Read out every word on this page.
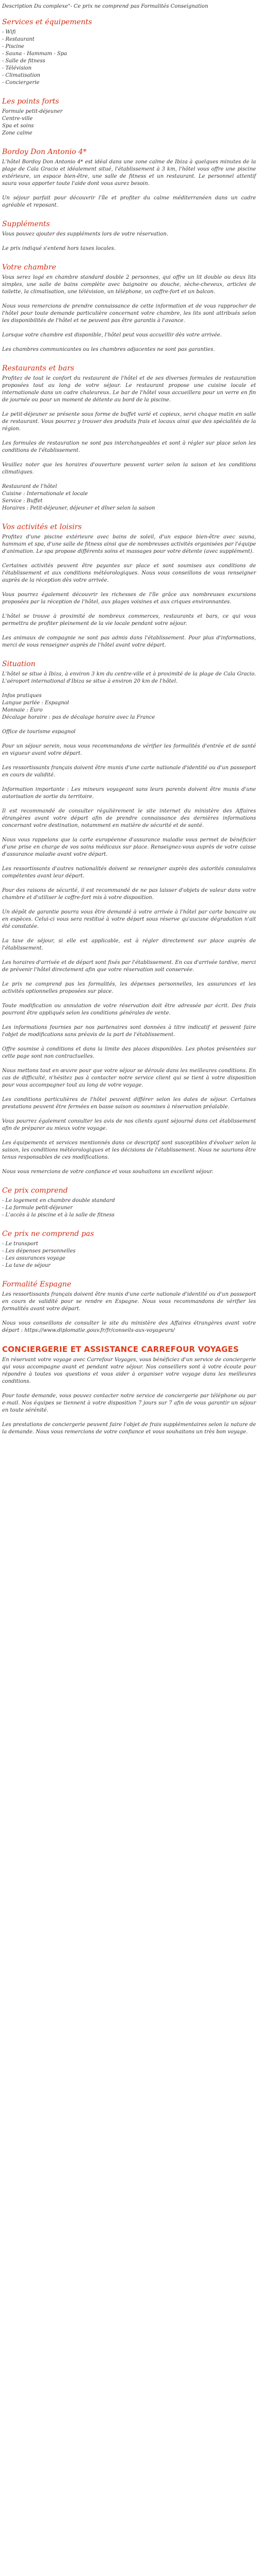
Description Du complexe"- Ce prix ne comprend pas Formalités Conseignation

Services et équipements
- Wifi
- Restaurant
- Piscine
- Sauna - Hammam - Spa
- Salle de fitness
- Télévision
- Climatisation
- Conciergerie
Les points forts
Formule petit-déjeuner
Centre-ville
Spa et soins
Zone calme
Bordoy Don Antonio 4*

L'hôtel Bordoy Don Antonio 4* est idéal dans une zone calme de Ibiza à quelques minutes de la plage de Cala Gracio et idéalement situé, l'établissement à 3 km, l'hôtel vous offre une piscine extérieure, un espace bien-être, une salle de fitness et un restaurant. Le personnel attentif saura vous apporter toute l'aide dont vous aurez besoin.

Un séjour parfait pour découvrir l'île et profiter du calme méditerranéen dans un cadre agréable et reposant.

Suppléments

Vous pouvez ajouter des suppléments lors de votre réservation.

Le prix indiqué s'entend hors taxes locales.

Votre chambre

Vous serez logé en chambre standard double 2 personnes, qui offre un lit double ou deux lits simples, une salle de bains complète avec baignoire ou douche, sèche-cheveux, articles de toilette, la climatisation, une télévision, un téléphone, un coffre-fort et un balcon.

Nous vous remercions de prendre connaissance de cette information et de vous rapprocher de l'hôtel pour toute demande particulière concernant votre chambre, les lits sont attribués selon les disponibilités de l'hôtel et ne peuvent pas être garantis à l'avance.

Lorsque votre chambre est disponible, l'hôtel peut vous accueillir dès votre arrivée.

Les chambres communicantes ou les chambres adjacentes ne sont pas garanties.

Restaurants et bars

Profitez de tout le confort du restaurant de l'hôtel et de ses diverses formules de restauration proposées tout au long de votre séjour. Le restaurant propose une cuisine locale et internationale dans un cadre chaleureux. Le bar de l'hôtel vous accueillera pour un verre en fin de journée ou pour un moment de détente au bord de la piscine.

Le petit-déjeuner se présente sous forme de buffet varié et copieux, servi chaque matin en salle de restaurant. Vous pourrez y trouver des produits frais et locaux ainsi que des spécialités de la région.

Les formules de restauration ne sont pas interchangeables et sont à régler sur place selon les conditions de l'établissement.

Veuillez noter que les horaires d'ouverture peuvent varier selon la saison et les conditions climatiques.

Restaurant de l'hôtel

Cuisine : Internationale et locale
Service : Buffet
Horaires : Petit-déjeuner, déjeuner et dîner selon la saison
Vos activités et loisirs

Profitez d'une piscine extérieure avec bains de soleil, d'un espace bien-être avec sauna, hammam et spa, d'une salle de fitness ainsi que de nombreuses activités organisées par l'équipe d'animation. Le spa propose différents soins et massages pour votre détente (avec supplément).

Certaines activités peuvent être payantes sur place et sont soumises aux conditions de l'établissement et aux conditions météorologiques. Nous vous conseillons de vous renseigner auprès de la réception dès votre arrivée.

Vous pourrez également découvrir les richesses de l'île grâce aux nombreuses excursions proposées par la réception de l'hôtel, aux plages voisines et aux criques environnantes.

L'hôtel se trouve à proximité de nombreux commerces, restaurants et bars, ce qui vous permettra de profiter pleinement de la vie locale pendant votre séjour.

Les animaux de compagnie ne sont pas admis dans l'établissement. Pour plus d'informations, merci de vous renseigner auprès de l'hôtel avant votre départ.

Situation

L'hôtel se situe à Ibiza, à environ 3 km du centre-ville et à proximité de la plage de Cala Gracio. L'aéroport international d'Ibiza se situe à environ 20 km de l'hôtel.

Infos pratiques

Langue parlée : Espagnol
Monnaie : Euro
Décalage horaire : pas de décalage horaire avec la France

Office de tourisme espagnol

Pour un séjour serein, nous vous recommandons de vérifier les formalités d'entrée et de santé en vigueur avant votre départ.

Les ressortissants français doivent être munis d'une carte nationale d'identité ou d'un passeport en cours de validité.

Information importante : Les mineurs voyageant sans leurs parents doivent être munis d'une autorisation de sortie du territoire.

Il est recommandé de consulter régulièrement le site internet du ministère des Affaires étrangères avant votre départ afin de prendre connaissance des dernières informations concernant votre destination, notamment en matière de sécurité et de santé.

Nous vous rappelons que la carte européenne d'assurance maladie vous permet de bénéficier d'une prise en charge de vos soins médicaux sur place. Renseignez-vous auprès de votre caisse d'assurance maladie avant votre départ.

Les ressortissants d'autres nationalités doivent se renseigner auprès des autorités consulaires compétentes avant leur départ.

Pour des raisons de sécurité, il est recommandé de ne pas laisser d'objets de valeur dans votre chambre et d'utiliser le coffre-fort mis à votre disposition.

Un dépôt de garantie pourra vous être demandé à votre arrivée à l'hôtel par carte bancaire ou en espèces. Celui-ci vous sera restitué à votre départ sous réserve qu'aucune dégradation n'ait été constatée.

La taxe de séjour, si elle est applicable, est à régler directement sur place auprès de l'établissement.

Les horaires d'arrivée et de départ sont fixés par l'établissement. En cas d'arrivée tardive, merci de prévenir l'hôtel directement afin que votre réservation soit conservée.

Le prix ne comprend pas les formalités, les dépenses personnelles, les assurances et les activités optionnelles proposées sur place.

Toute modification ou annulation de votre réservation doit être adressée par écrit. Des frais pourront être appliqués selon les conditions générales de vente.

Les informations fournies par nos partenaires sont données à titre indicatif et peuvent faire l'objet de modifications sans préavis de la part de l'établissement.

Offre soumise à conditions et dans la limite des places disponibles. Les photos présentées sur cette page sont non contractuelles.

Nous mettons tout en œuvre pour que votre séjour se déroule dans les meilleures conditions. En cas de difficulté, n'hésitez pas à contacter notre service client qui se tient à votre disposition pour vous accompagner tout au long de votre voyage.

Les conditions particulières de l'hôtel peuvent différer selon les dates de séjour. Certaines prestations peuvent être fermées en basse saison ou soumises à réservation préalable.

Vous pourrez également consulter les avis de nos clients ayant séjourné dans cet établissement afin de préparer au mieux votre voyage.

Les équipements et services mentionnés dans ce descriptif sont susceptibles d'évoluer selon la saison, les conditions météorologiques et les décisions de l'établissement. Nous ne saurions être tenus responsables de ces modifications.

Nous vous remercions de votre confiance et vous souhaitons un excellent séjour.

Ce prix comprend
- Le logement en chambre double standard
- La formule petit-déjeuner
- L'accès à la piscine et à la salle de fitness
Ce prix ne comprend pas
- Le transport
- Les dépenses personnelles
- Les assurances voyage
- La taxe de séjour
Formalité Espagne

Les ressortissants français doivent être munis d'une carte nationale d'identité ou d'un passeport en cours de validité pour se rendre en Espagne. Nous vous recommandons de vérifier les formalités avant votre départ.

Nous vous conseillons de consulter le site du ministère des Affaires étrangères avant votre départ : https://www.diplomatie.gouv.fr/fr/conseils-aux-voyageurs/

CONCIERGERIE ET ASSISTANCE CARREFOUR VOYAGES

En réservant votre voyage avec Carrefour Voyages, vous bénéficiez d'un service de conciergerie qui vous accompagne avant et pendant votre séjour. Nos conseillers sont à votre écoute pour répondre à toutes vos questions et vous aider à organiser votre voyage dans les meilleures conditions.

Pour toute demande, vous pouvez contacter notre service de conciergerie par téléphone ou par e-mail. Nos équipes se tiennent à votre disposition 7 jours sur 7 afin de vous garantir un séjour en toute sérénité.

Les prestations de conciergerie peuvent faire l'objet de frais supplémentaires selon la nature de la demande. Nous vous remercions de votre confiance et vous souhaitons un très bon voyage.
